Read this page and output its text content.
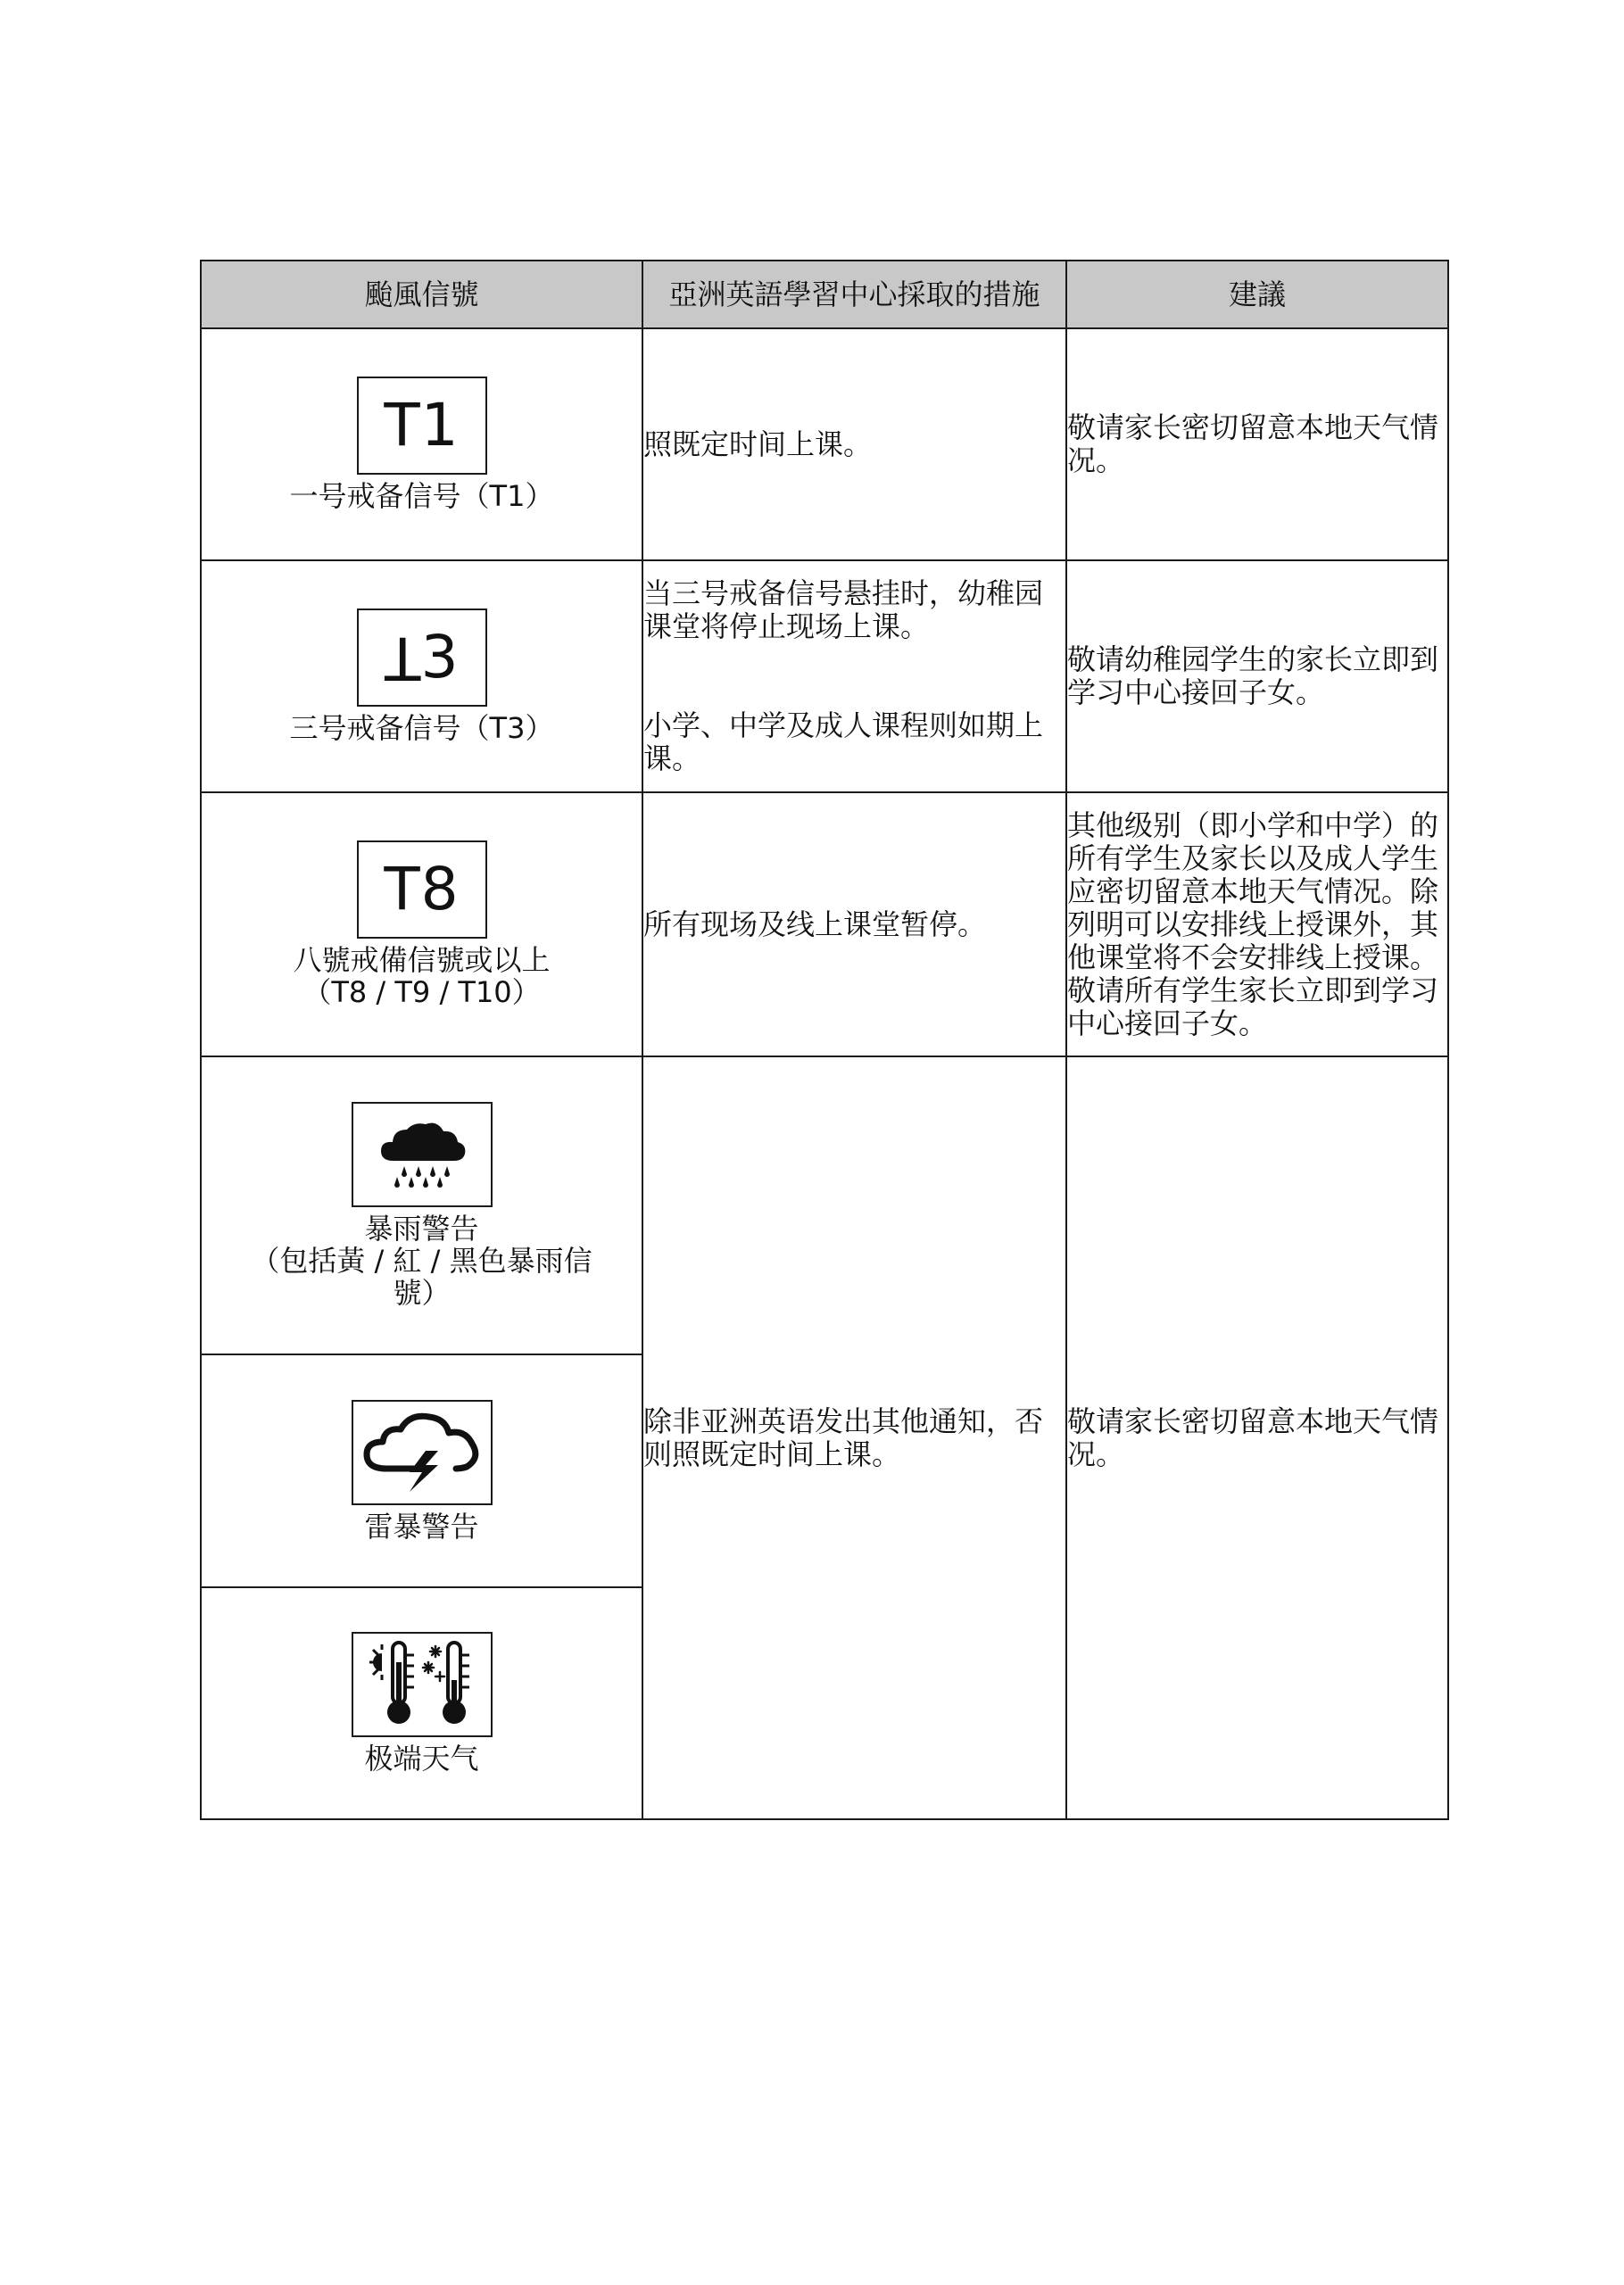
颱風信號	亞洲英語學習中心採取的措施	建議

T1
一号戒备信号（T1）	照既定时间上课。	敬请家长密切留意本地天气情况。

T 3
三号戒备信号（T3）	当三号戒备信号悬挂时，幼稚园课堂将停止现场上课。
小学、中学及成人课程则如期上课。	敬请幼稚园学生的家长立即到学习中心接回子女。

T8
八號戒備信號或以上
（T8 / T9 / T10）	所有现场及线上课堂暂停。	其他级别（即小学和中学）的所有学生及家长以及成人学生应密切留意本地天气情况。除列明可以安排线上授课外，其他课堂将不会安排线上授课。敬请所有学生家长立即到学习中心接回子女。

暴雨警告
（包括黃 / 紅 / 黑色暴雨信號）	除非亚洲英语发出其他通知，否则照既定时间上课。	敬请家长密切留意本地天气情况。

雷暴警告		

极端天气		
